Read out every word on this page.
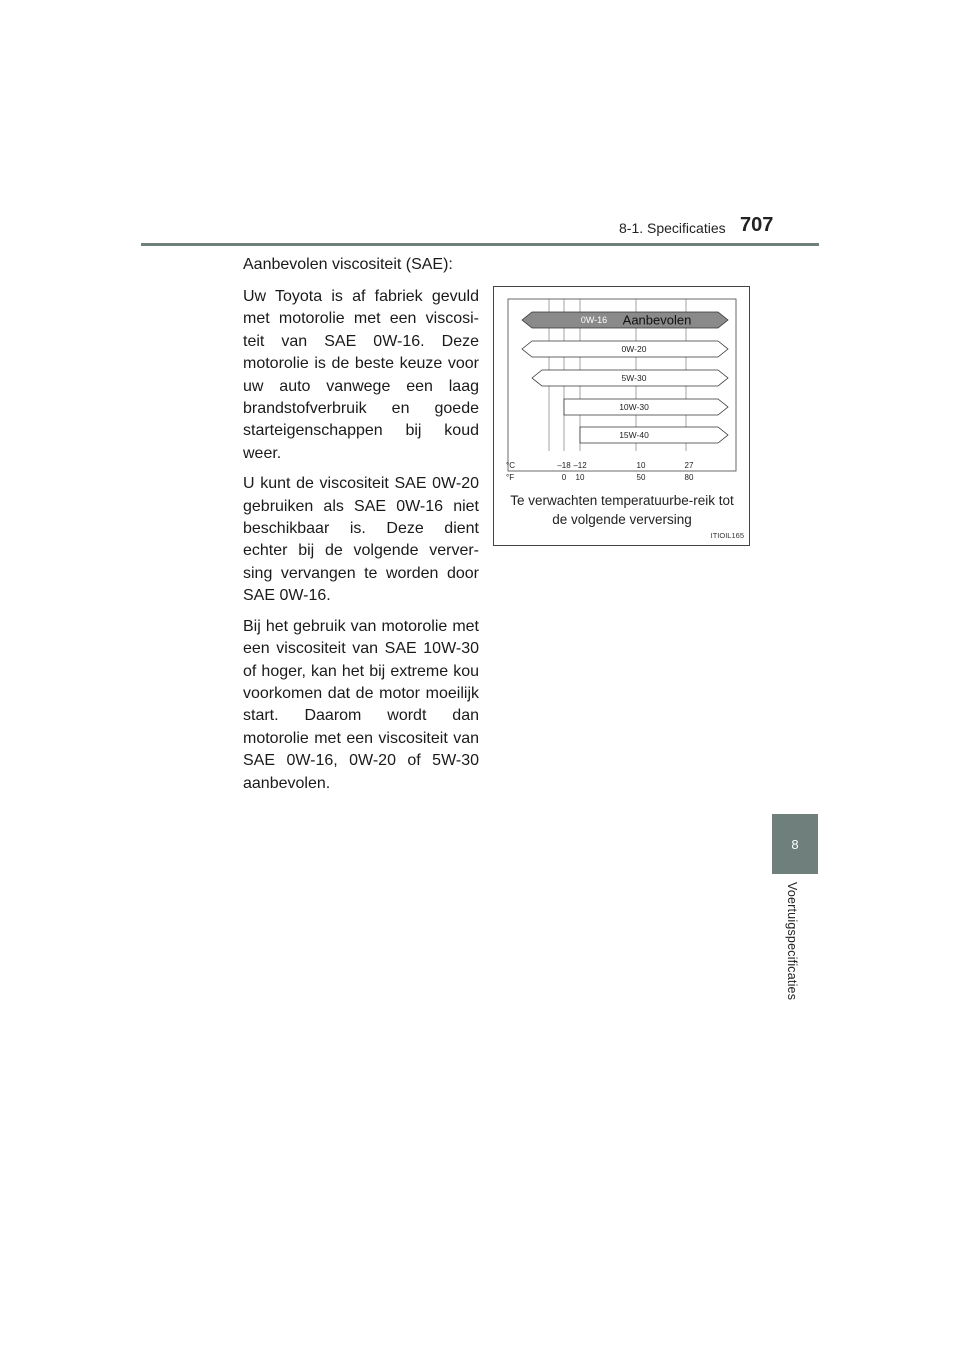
8-1. Specificaties 707
8
Voertuigspecificaties

Aanbevolen viscositeit (SAE):

Uw Toyota is af fabriek gevuld met motorolie met een viscosi-teit van SAE 0W-16. Deze motorolie is de beste keuze voor uw auto vanwege een laag brandstofverbruik en goede starteigenschappen bij koud weer.

U kunt de viscositeit SAE 0W-20 gebruiken als SAE 0W-16 niet beschikbaar is. Deze dient echter bij de volgende verver-sing vervangen te worden door SAE 0W-16.

Bij het gebruik van motorolie met een viscositeit van SAE 10W-30 of hoger, kan het bij extreme kou voorkomen dat de motor moeilijk start. Daarom wordt dan motorolie met een viscositeit van SAE 0W-16, 0W-20 of 5W-30 aanbevolen.

0W-16 Aanbevolen
0W-20
5W-30
10W-30
15W-40
°C
°F
–18 –12	10	27
0 10	50	80
Te verwachten temperatuurbe-reik tot de volgende verversing
ITIOIL165
